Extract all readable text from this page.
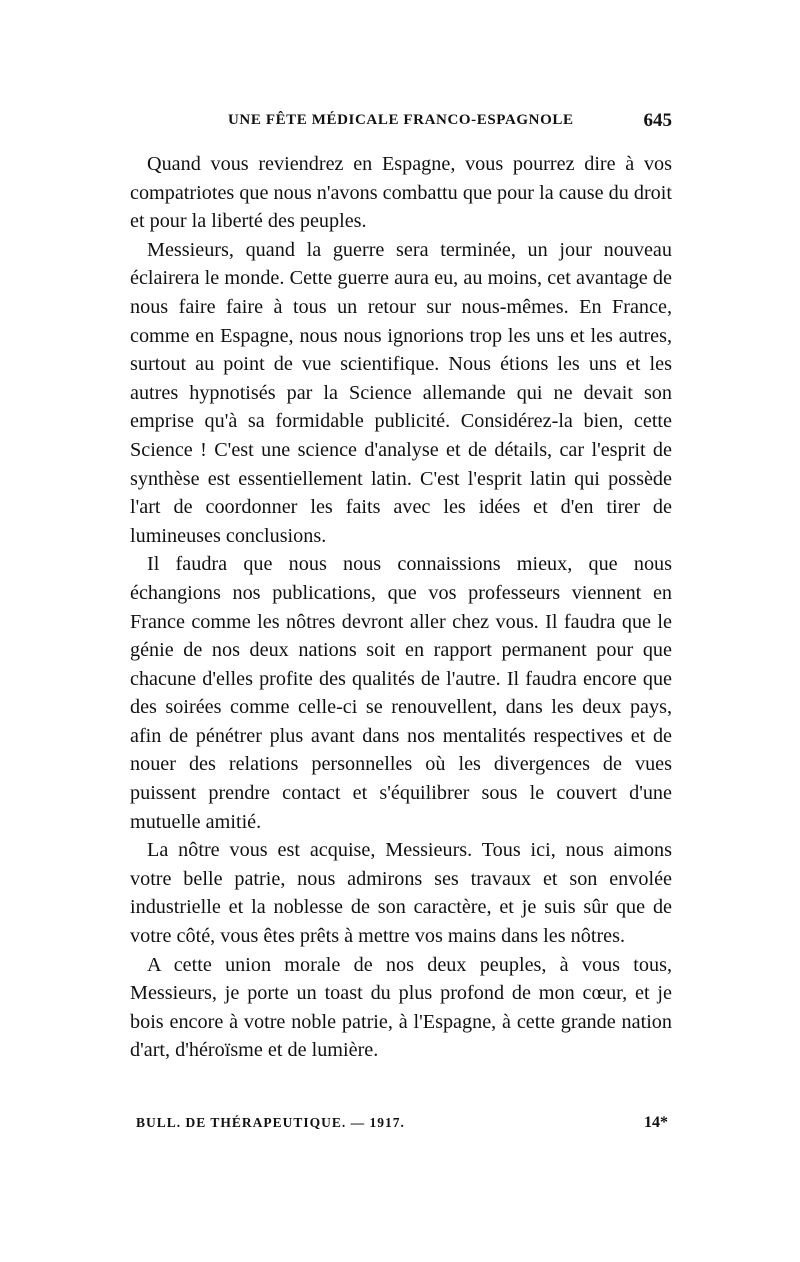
UNE FÊTE MÉDICALE FRANCO-ESPAGNOLE	645

Quand vous reviendrez en Espagne, vous pourrez dire à vos compatriotes que nous n'avons combattu que pour la cause du droit et pour la liberté des peuples.

Messieurs, quand la guerre sera terminée, un jour nouveau éclairera le monde. Cette guerre aura eu, au moins, cet avantage de nous faire faire à tous un retour sur nous-mêmes. En France, comme en Espagne, nous nous ignorions trop les uns et les autres, surtout au point de vue scientifique. Nous étions les uns et les autres hypnotisés par la Science allemande qui ne devait son emprise qu'à sa formidable publicité. Considérez-la bien, cette Science ! C'est une science d'analyse et de détails, car l'esprit de synthèse est essentiellement latin. C'est l'esprit latin qui possède l'art de coordonner les faits avec les idées et d'en tirer de lumineuses conclusions.

Il faudra que nous nous connaissions mieux, que nous échangions nos publications, que vos professeurs viennent en France comme les nôtres devront aller chez vous. Il faudra que le génie de nos deux nations soit en rapport permanent pour que chacune d'elles profite des qualités de l'autre. Il faudra encore que des soirées comme celle-ci se renouvellent, dans les deux pays, afin de pénétrer plus avant dans nos mentalités respectives et de nouer des relations personnelles où les divergences de vues puissent prendre contact et s'équilibrer sous le couvert d'une mutuelle amitié.

La nôtre vous est acquise, Messieurs. Tous ici, nous aimons votre belle patrie, nous admirons ses travaux et son envolée industrielle et la noblesse de son caractère, et je suis sûr que de votre côté, vous êtes prêts à mettre vos mains dans les nôtres.

A cette union morale de nos deux peuples, à vous tous, Messieurs, je porte un toast du plus profond de mon cœur, et je bois encore à votre noble patrie, à l'Espagne, à cette grande nation d'art, d'héroïsme et de lumière.

BULL. DE THÉRAPEUTIQUE. — 1917.	14*
